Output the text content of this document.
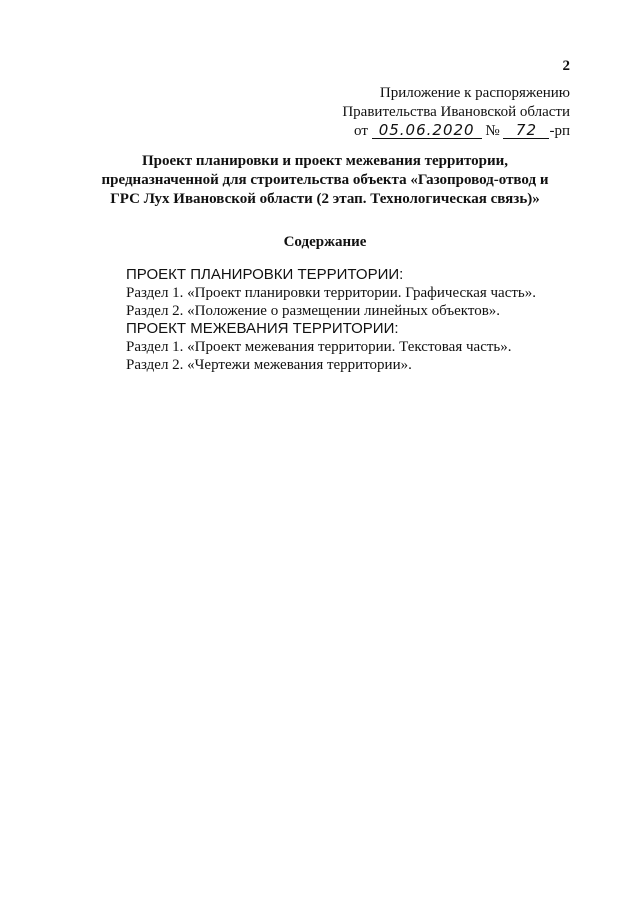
2
Приложение к распоряжению
Правительства Ивановской области
от 05.06.2020 № 72 -рп
Проект планировки и проект межевания территории,
предназначенной для строительства объекта «Газопровод-отвод и
ГРС Лух Ивановской области (2 этап. Технологическая связь)»
Содержание
ПРОЕКТ ПЛАНИРОВКИ ТЕРРИТОРИИ:
Раздел 1. «Проект планировки территории. Графическая часть».
Раздел 2. «Положение о размещении линейных объектов».
ПРОЕКТ МЕЖЕВАНИЯ ТЕРРИТОРИИ:
Раздел 1. «Проект межевания территории. Текстовая часть».
Раздел 2. «Чертежи межевания территории».
